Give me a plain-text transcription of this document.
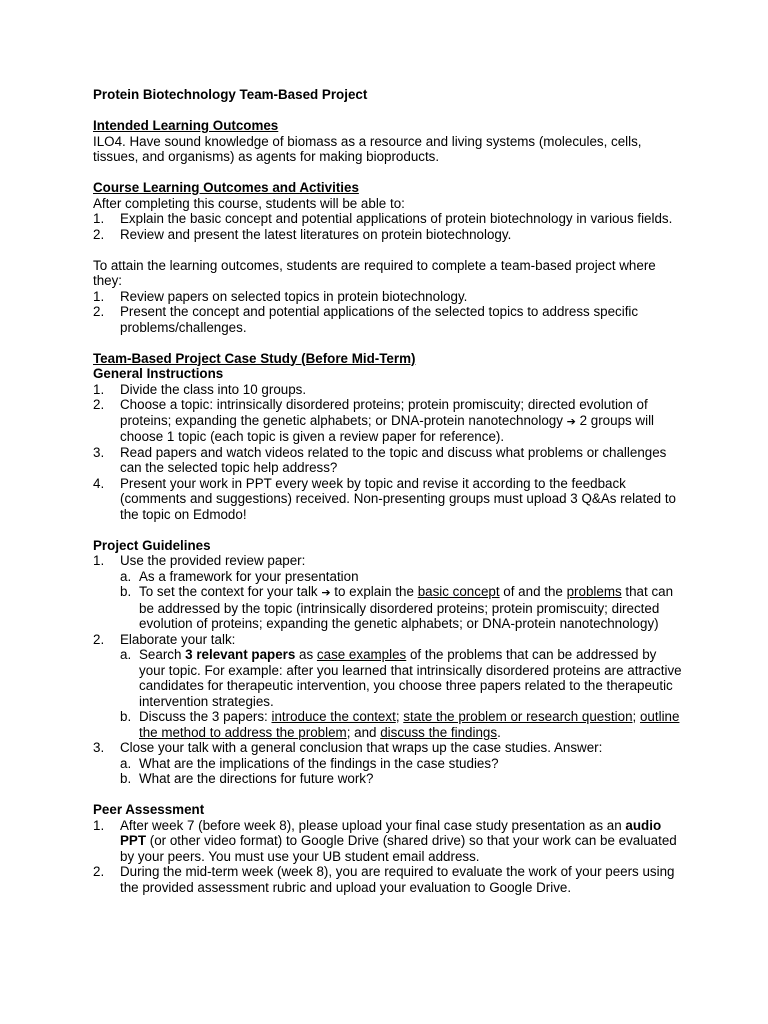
Protein Biotechnology Team-Based Project
Intended Learning Outcomes
ILO4. Have sound knowledge of biomass as a resource and living systems (molecules, cells, tissues, and organisms) as agents for making bioproducts.
Course Learning Outcomes and Activities
After completing this course, students will be able to:
1.	Explain the basic concept and potential applications of protein biotechnology in various fields.
2.	Review and present the latest literatures on protein biotechnology.
To attain the learning outcomes, students are required to complete a team-based project where they:
1.	Review papers on selected topics in protein biotechnology.
2.	Present the concept and potential applications of the selected topics to address specific problems/challenges.
Team-Based Project Case Study (Before Mid-Term)
General Instructions
1.	Divide the class into 10 groups.
2.	Choose a topic: intrinsically disordered proteins; protein promiscuity; directed evolution of proteins; expanding the genetic alphabets; or DNA-protein nanotechnology ➔ 2 groups will choose 1 topic (each topic is given a review paper for reference).
3.	Read papers and watch videos related to the topic and discuss what problems or challenges can the selected topic help address?
4.	Present your work in PPT every week by topic and revise it according to the feedback (comments and suggestions) received. Non-presenting groups must upload 3 Q&As related to the topic on Edmodo!
Project Guidelines
1.	Use the provided review paper:
a. As a framework for your presentation
b. To set the context for your talk ➔ to explain the basic concept of and the problems that can be addressed by the topic (intrinsically disordered proteins; protein promiscuity; directed evolution of proteins; expanding the genetic alphabets; or DNA-protein nanotechnology)
2.	Elaborate your talk:
a. Search 3 relevant papers as case examples of the problems that can be addressed by your topic. For example: after you learned that intrinsically disordered proteins are attractive candidates for therapeutic intervention, you choose three papers related to the therapeutic intervention strategies.
b. Discuss the 3 papers: introduce the context; state the problem or research question; outline the method to address the problem; and discuss the findings.
3.	Close your talk with a general conclusion that wraps up the case studies. Answer:
a. What are the implications of the findings in the case studies?
b. What are the directions for future work?
Peer Assessment
1.	After week 7 (before week 8), please upload your final case study presentation as an audio PPT (or other video format) to Google Drive (shared drive) so that your work can be evaluated by your peers. You must use your UB student email address.
2.	During the mid-term week (week 8), you are required to evaluate the work of your peers using the provided assessment rubric and upload your evaluation to Google Drive.
